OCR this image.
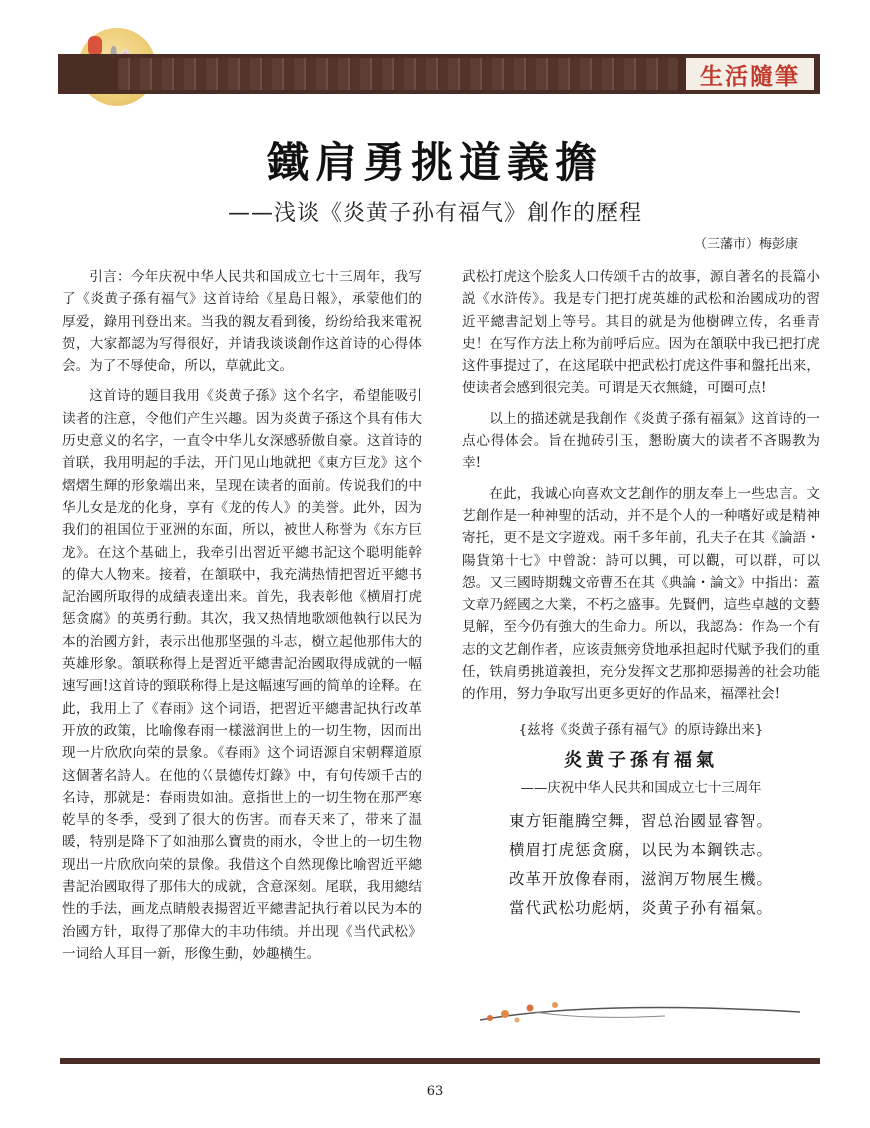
生活隨筆
鐵肩勇挑道義擔
——浅谈《炎黄子孙有福气》創作的歷程
（三藩市）梅彭康

引言：今年庆祝中华人民共和国成立七十三周年，我写了《炎黄子孫有福气》这首诗给《星島日報》，承蒙他们的厚爱，錄用刊登出来。当我的親友看到後，纷纷给我来電祝贺，大家都認为写得很好，并请我谈谈創作这首诗的心得体会。为了不辱使命，所以，草就此文。

这首诗的题目我用《炎黄子孫》这个名字，希望能吸引读者的注意，令他们产生兴趣。因为炎黄子孫这个具有伟大历史意义的名字，一直令中华儿女深感骄傲自豪。这首诗的首联，我用明起的手法，开门见山地就把《東方巨龙》这个熠熠生輝的形象端出来，呈现在读者的面前。传说我们的中华儿女是龙的化身，享有《龙的传人》的美誉。此外，因为我们的祖国位于亚洲的东面，所以，被世人称誉为《东方巨龙》。在这个基础上，我牵引出習近平總书記这个聪明能幹的偉大人物来。接着，在頷联中，我充满热情把習近平總书記治國所取得的成績表達出来。首先，我表彰他《横眉打虎惩贪腐》的英勇行動。其次，我又热情地歌颂他執行以民为本的治國方針，表示出他那坚强的斗志，樹立起他那伟大的英雄形象。頷联称得上是習近平總書記治國取得成就的一幅速写画!这首诗的頸联称得上是这幅速写画的简单的诠释。在此，我用上了《春雨》这个词语，把習近平總書記执行改革开放的政策，比喻像春雨一樣滋润世上的一切生物，因而出现一片欣欣向荣的景象。《春雨》这个词语源自宋朝釋道原这個著名詩人。在他的巜景德传灯錄》中，有句传颂千古的名诗，那就是：春雨贵如油。意指世上的一切生物在那严寒乾旱的冬季，受到了很大的伤害。而春天来了，带来了温暖，特别是降下了如油那么寶贵的雨水，令世上的一切生物现出一片欣欣向荣的景像。我借这个自然现像比喻習近平總書記治國取得了那伟大的成就，含意深刻。尾联，我用總结性的手法，画龙点睛般表揚習近平總書記执行着以民为本的治國方针，取得了那偉大的丰功伟绩。并出现《当代武松》一词给人耳目一新，形像生動，妙趣横生。

武松打虎这个脍炙人口传颂千古的故事，源自著名的長篇小説《水浒传》。我是专门把打虎英雄的武松和治國成功的習近平總書記划上等号。其目的就是为他樹碑立传，名垂青史！在写作方法上称为前呼后应。因为在頷联中我已把打虎这件事提过了，在这尾联中把武松打虎这件事和盤托出来，使读者会感到很完美。可谓是天衣無縫，可圈可点!

以上的描述就是我創作《炎黄子孫有福氣》这首诗的一点心得体会。旨在抛砖引玉，懇盼廣大的读者不吝賜教为幸!

在此，我诚心向喜欢文艺創作的朋友奉上一些忠言。文艺創作是一种神聖的活动，并不是个人的一种嗜好或是精神寄托，更不是文字遊戏。兩千多年前，孔夫子在其《論語・陽貨第十七》中曾說：詩可以興，可以觀，可以群，可以怨。又三國時期魏文帝曹丕在其《典論・論文》中指出：蓋文章乃經國之大業，不朽之盛事。先賢們，這些卓越的文藝見解，至今仍有強大的生命力。所以，我認為：作為一个有志的文艺創作者，应该责無旁贷地承担起时代赋予我们的重任，铁肩勇挑道義担，充分发挥文艺那抑惡揚善的社会功能的作用，努力争取写出更多更好的作品来，福澤社会!

{兹将《炎黄子孫有福气》的原诗錄出来}
炎黄子孫有福氣
——庆祝中华人民共和国成立七十三周年
東方钜龍腾空舞，習总治國显睿智。
横眉打虎惩贪腐，以民为本鋼铁志。
改革开放像春雨，滋润万物展生機。
當代武松功彪炳，炎黄子孙有福氣。
63
